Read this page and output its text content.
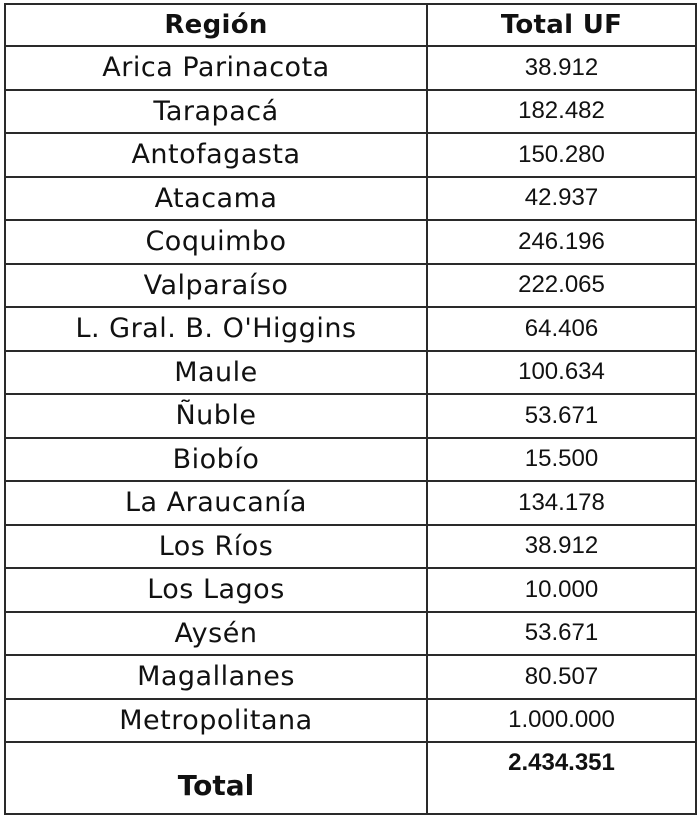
Región	Total UF
Arica Parinacota	38.912
Tarapacá	182.482
Antofagasta	150.280
Atacama	42.937
Coquimbo	246.196
Valparaíso	222.065
L. Gral. B. O'Higgins	64.406
Maule	100.634
Ñuble	53.671
Biobío	15.500
La Araucanía	134.178
Los Ríos	38.912
Los Lagos	10.000
Aysén	53.671
Magallanes	80.507
Metropolitana	1.000.000
Total	2.434.351
